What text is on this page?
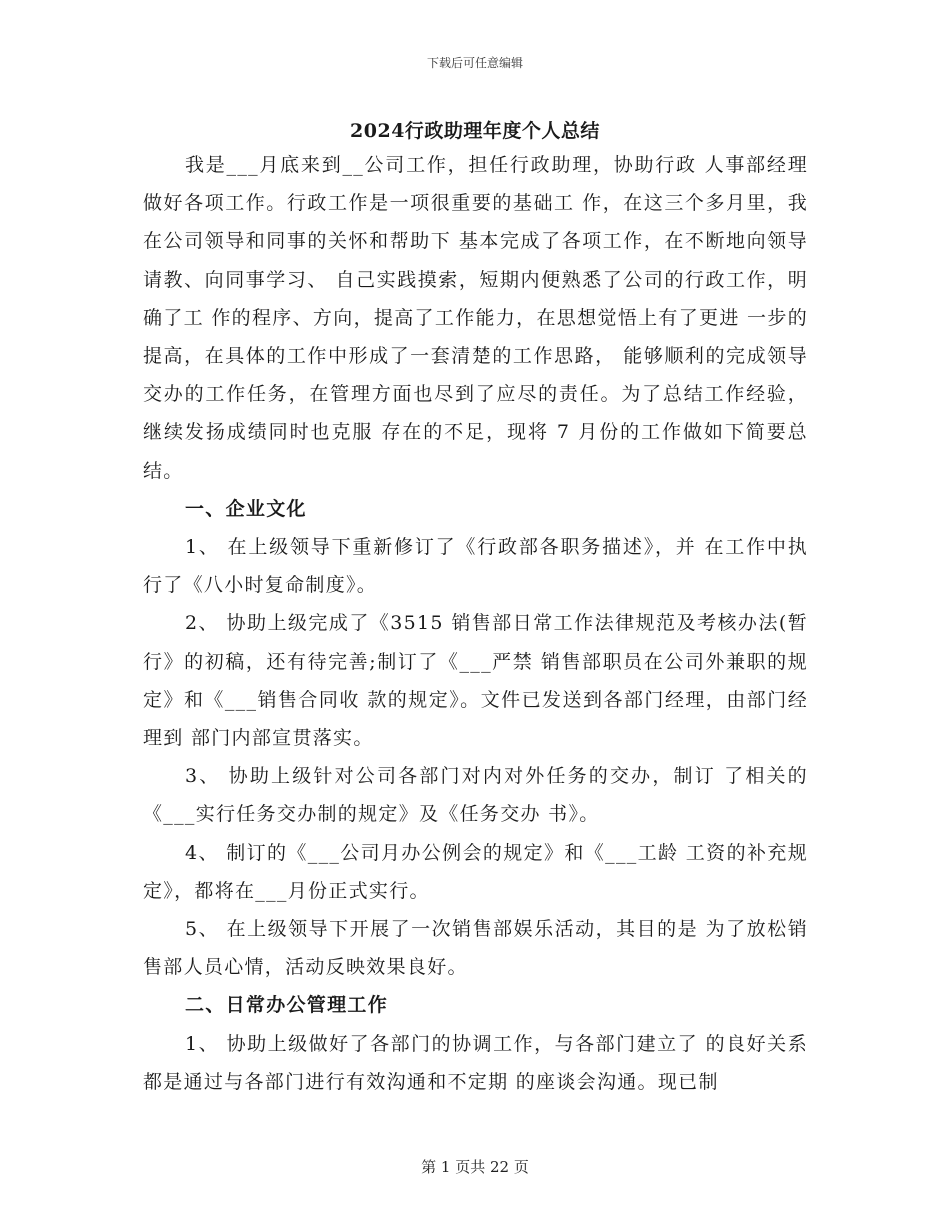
下载后可任意编辑
2024行政助理年度个人总结

我是___月底来到__公司工作，担任行政助理，协助行政 人事部经理做好各项工作。行政工作是一项很重要的基础工 作，在这三个多月里，我在公司领导和同事的关怀和帮助下 基本完成了各项工作，在不断地向领导请教、向同事学习、 自己实践摸索，短期内便熟悉了公司的行政工作，明确了工 作的程序、方向，提高了工作能力，在思想觉悟上有了更进 一步的提高，在具体的工作中形成了一套清楚的工作思路， 能够顺利的完成领导交办的工作任务，在管理方面也尽到了应尽的责任。为了总结工作经验，继续发扬成绩同时也克服 存在的不足，现将 7 月份的工作做如下简要总结。

一、企业文化

1、 在上级领导下重新修订了《行政部各职务描述》，并 在工作中执行了《八小时复命制度》。

2、 协助上级完成了《3515 销售部日常工作法律规范及考核办法(暂行》的初稿，还有待完善;制订了《___严禁 销售部职员在公司外兼职的规定》和《___销售合同收 款的规定》。文件已发送到各部门经理，由部门经理到 部门内部宣贯落实。

3、 协助上级针对公司各部门对内对外任务的交办，制订 了相关的《___实行任务交办制的规定》及《任务交办 书》。

4、 制订的《___公司月办公例会的规定》和《___工龄 工资的补充规定》，都将在___月份正式实行。

5、 在上级领导下开展了一次销售部娱乐活动，其目的是 为了放松销售部人员心情，活动反映效果良好。

二、日常办公管理工作

1、 协助上级做好了各部门的协调工作，与各部门建立了 的良好关系都是通过与各部门进行有效沟通和不定期 的座谈会沟通。现已制

第 1 页共 22 页
